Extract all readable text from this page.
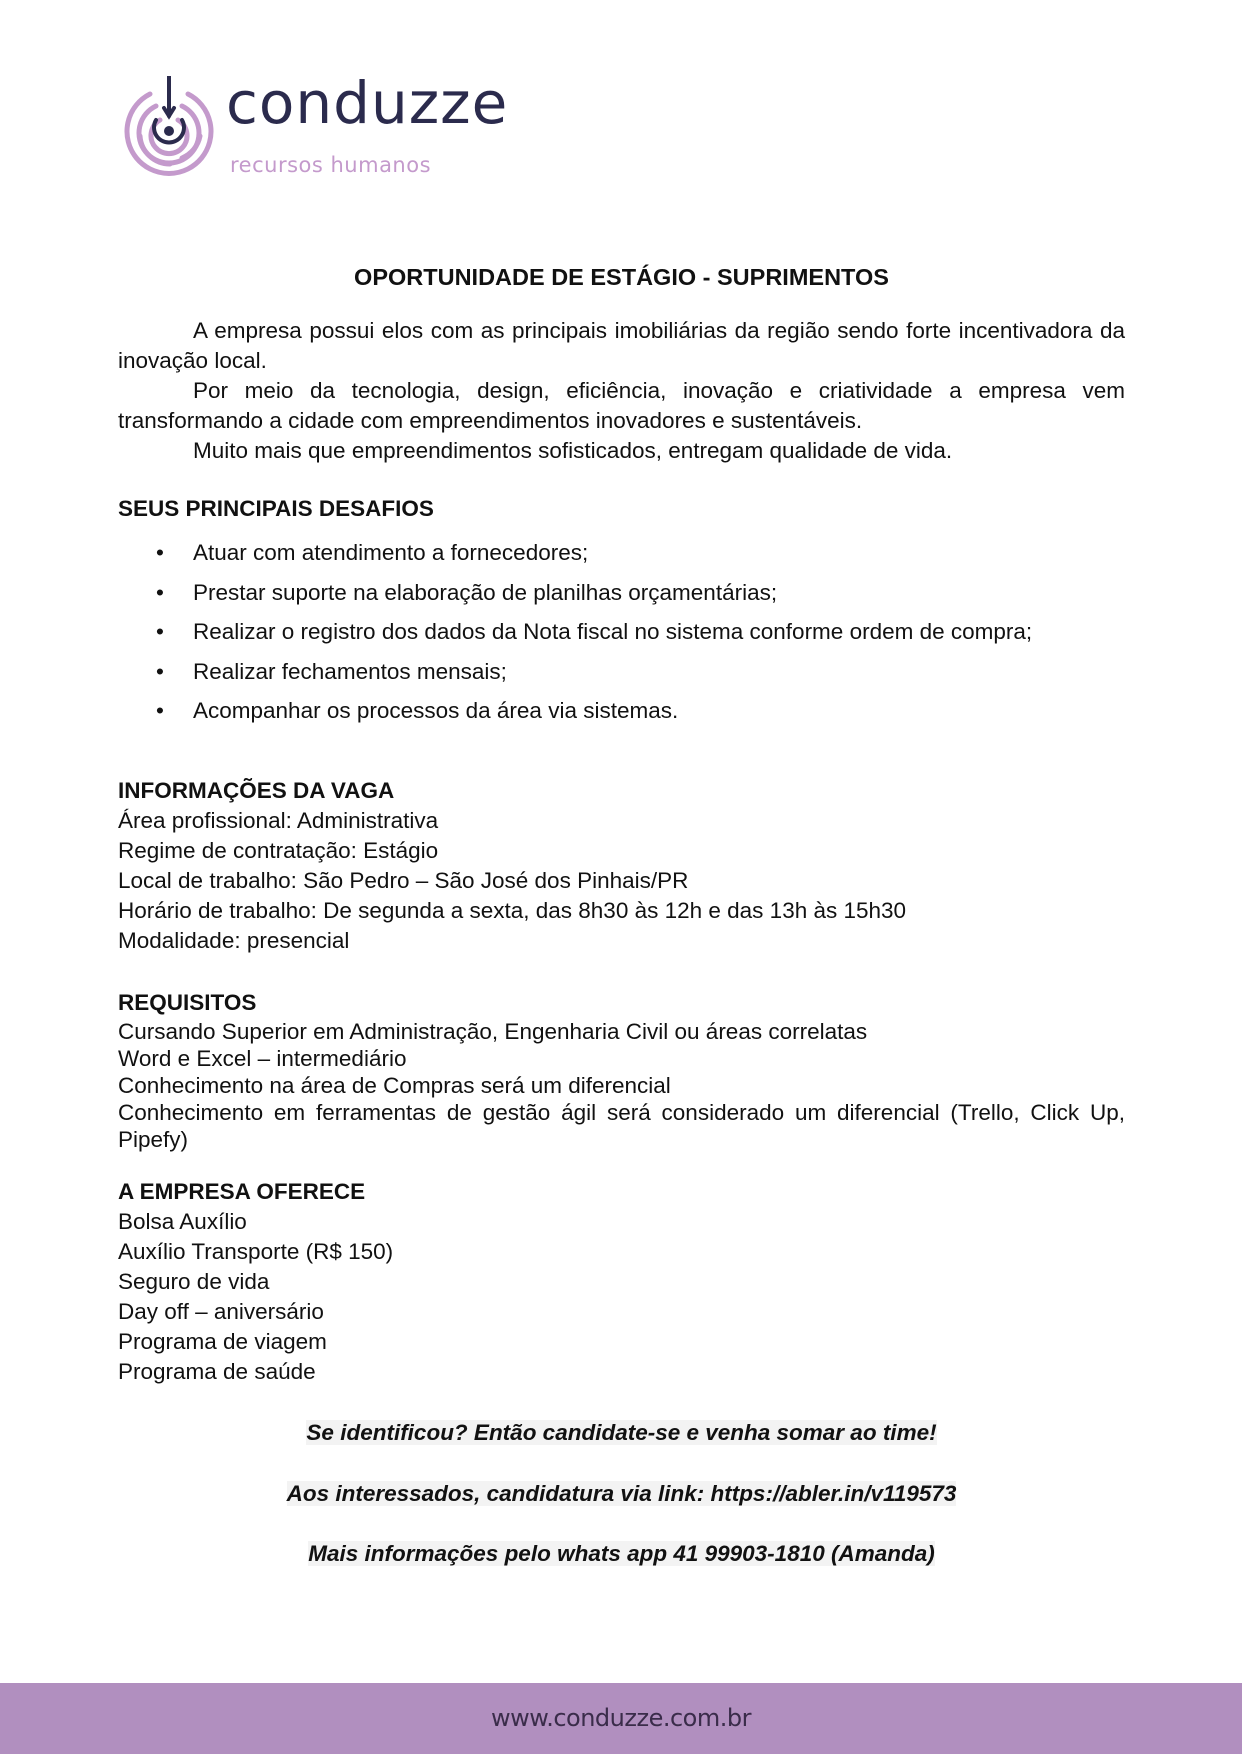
conduzze
recursos humanos
OPORTUNIDADE DE ESTÁGIO - SUPRIMENTOS

A empresa possui elos com as principais imobiliárias da região sendo forte incentivadora da inovação local.

Por meio da tecnologia, design, eficiência, inovação e criatividade a empresa vem transformando a cidade com empreendimentos inovadores e sustentáveis.

Muito mais que empreendimentos sofisticados, entregam qualidade de vida.

SEUS PRINCIPAIS DESAFIOS
• Atuar com atendimento a fornecedores;
• Prestar suporte na elaboração de planilhas orçamentárias;
• Realizar o registro dos dados da Nota fiscal no sistema conforme ordem de compra;
• Realizar fechamentos mensais;
• Acompanhar os processos da área via sistemas.
INFORMAÇÕES DA VAGA
Área profissional: Administrativa
Regime de contratação: Estágio
Local de trabalho: São Pedro – São José dos Pinhais/PR
Horário de trabalho: De segunda a sexta, das 8h30 às 12h e das 13h às 15h30
Modalidade: presencial
REQUISITOS
Cursando Superior em Administração, Engenharia Civil ou áreas correlatas
Word e Excel – intermediário
Conhecimento na área de Compras será um diferencial
Conhecimento em ferramentas de gestão ágil será considerado um diferencial (Trello, Click Up,
Pipefy)
A EMPRESA OFERECE
Bolsa Auxílio
Auxílio Transporte (R$ 150)
Seguro de vida
Day off – aniversário
Programa de viagem
Programa de saúde
Se identificou? Então candidate-se e venha somar ao time!
Aos interessados, candidatura via link: https://abler.in/v119573
Mais informações pelo whats app 41 99903-1810 (Amanda)
www.conduzze.com.br
